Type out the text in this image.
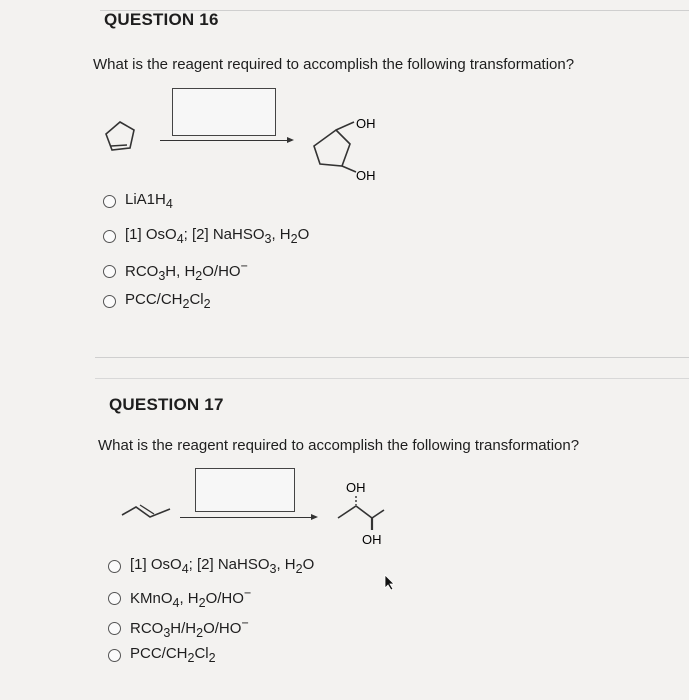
QUESTION 16
What is the reagent required to accomplish the following transformation?
OH
OH
$LiA1H_4$
[1] OsO$_4$; [2] NaHSO$_3$, $H_2O$
$RCO_3H$, $H_2O/HO^-$
PCC/$CH_2Cl_2$
QUESTION 17
What is the reagent required to accomplish the following transformation?
OH
OH
[1] OsO$_4$; [2] NaHSO$_3$, $H_2O$
KMnO$_4$, $H_2O/HO^-$
$RCO_3H/H_2O/HO^-$
PCC/$CH_2Cl_2$
